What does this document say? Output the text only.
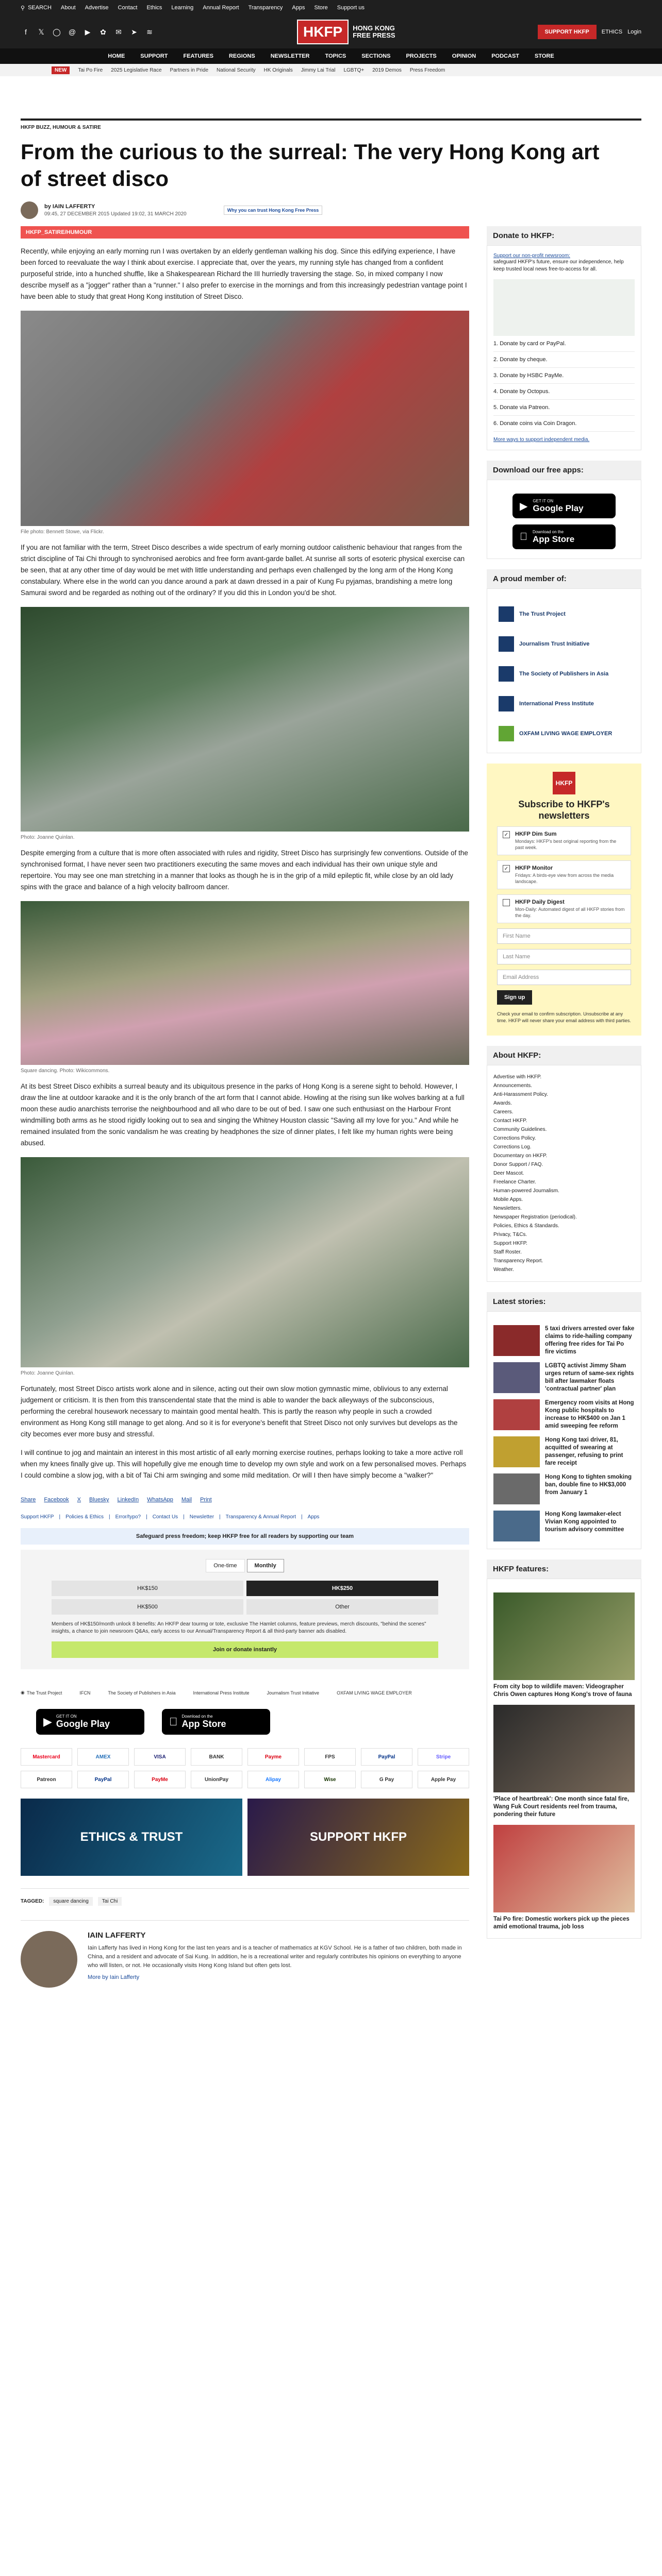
⚲ SEARCH About Advertise Contact Ethics Learning Annual Report Transparency Apps Store Support us
f	𝕏	◯ @	▶	✿ ✉ ➤ ≋	HKFP	HONG KONG
FREE PRESS	SUPPORT HKFP	ETHICS Login
HOME	SUPPORT	FEATURES	REGIONS	NEWSLETTER	TOPICS	SECTIONS	PROJECTS	OPINION	PODCAST	STORE
NEW	Tai Po Fire 2025 Legislative Race Partners in Pride National Security HK Originals Jimmy Lai Trial LGBTQ+ 2019 Demos Press Freedom
HKFP BUZZ, HUMOUR & SATIRE
From the curious to the surreal: The very Hong Kong art of street disco
by IAIN LAFFERTY
09:45, 27 DECEMBER 2015 Updated 19:02, 31 MARCH 2020
Why you can trust Hong Kong Free Press
HKFP_SATIRE/HUMOUR

Recently, while enjoying an early morning run I was overtaken by an elderly gentleman walking his dog. Since this edifying experience, I have been forced to reevaluate the way I think about exercise. I appreciate that, over the years, my running style has changed from a confident purposeful stride, into a hunched shuffle, like a Shakespearean Richard the III hurriedly traversing the stage. So, in mixed company I now describe myself as a "jogger" rather than a "runner." I also prefer to exercise in the mornings and from this increasingly pedestrian vantage point I have been able to study that great Hong Kong institution of Street Disco.

File photo: Bennett Stowe, via Flickr.

If you are not familiar with the term, Street Disco describes a wide spectrum of early morning outdoor calisthenic behaviour that ranges from the strict discipline of Tai Chi through to synchronised aerobics and free form avant-garde ballet. At sunrise all sorts of esoteric physical exercise can be seen, that at any other time of day would be met with little understanding and perhaps even challenged by the long arm of the Hong Kong constabulary. Where else in the world can you dance around a park at dawn dressed in a pair of Kung Fu pyjamas, brandishing a metre long Samurai sword and be regarded as nothing out of the ordinary? If you did this in London you'd be shot.

Photo: Joanne Quinlan.

Despite emerging from a culture that is more often associated with rules and rigidity, Street Disco has surprisingly few conventions. Outside of the synchronised format, I have never seen two practitioners executing the same moves and each individual has their own unique style and repertoire. You may see one man stretching in a manner that looks as though he is in the grip of a mild epileptic fit, while close by an old lady spins with the grace and balance of a high velocity ballroom dancer.

Square dancing. Photo: Wikicommons.

At its best Street Disco exhibits a surreal beauty and its ubiquitous presence in the parks of Hong Kong is a serene sight to behold. However, I draw the line at outdoor karaoke and it is the only branch of the art form that I cannot abide. Howling at the rising sun like wolves barking at a full moon these audio anarchists terrorise the neighbourhood and all who dare to be out of bed. I saw one such enthusiast on the Harbour Front windmilling both arms as he stood rigidly looking out to sea and singing the Whitney Houston classic "Saving all my love for you." And while he remained insulated from the sonic vandalism he was creating by headphones the size of dinner plates, I felt like my human rights were being abused.

Photo: Joanne Quinlan.

Fortunately, most Street Disco artists work alone and in silence, acting out their own slow motion gymnastic mime, oblivious to any external judgement or criticism. It is then from this transcendental state that the mind is able to wander the back alleyways of the subconscious, performing the cerebral housework necessary to maintain good mental health. This is partly the reason why people in such a crowded environment as Hong Kong still manage to get along. And so it is for everyone's benefit that Street Disco not only survives but develops as the city becomes ever more busy and stressful.

I will continue to jog and maintain an interest in this most artistic of all early morning exercise routines, perhaps looking to take a more active roll when my knees finally give up. This will hopefully give me enough time to develop my own style and work on a few personalised moves. Perhaps I could combine a slow jog, with a bit of Tai Chi arm swinging and some mild meditation. Or will I then have simply become a "walker?"

Share Facebook X Bluesky LinkedIn WhatsApp Mail Print
Support HKFP | Policies & Ethics | Error/typo? | Contact Us | Newsletter | Transparency & Annual Report | Apps
Safeguard press freedom; keep HKFP free for all readers by supporting our team
One-time	Monthly
HK$150	HK$250
HK$500	Other
Members of HK$150/month unlock 8 benefits: An HKFP dear tourmg or tote, exclusive The Hamlet columns, feature previews, merch discounts, "behind the scenes" insights, a chance to join newsroom Q&As, early access to our Annual/Transparency Report & all third-party banner ads disabled.
Join or donate instantly
◉ The Trust Project	IFCN	The Society of Publishers in Asia	International Press Institute	Journalism Trust Initiative	OXFAM LIVING WAGE EMPLOYER
▶ GET IT ON
Google Play
Download on the
App Store
Mastercard	AMEX	VISA	BANK	Payme	FPS	PayPal	Stripe
Patreon	PayPal	PayMe	UnionPay	Alipay	Wise	G Pay	Apple Pay
ETHICS & TRUST	SUPPORT HKFP
TAGGED:	square dancing	Tai Chi
IAIN LAFFERTY
Iain Lafferty has lived in Hong Kong for the last ten years and is a teacher of mathematics at KGV School. He is a father of two children, both made in China, and a resident and advocate of Sai Kung. In addition, he is a recreational writer and regularly contributes his opinions on everything to anyone who will listen, or not. He occasionally visits Hong Kong Island but often gets lost.
More by Iain Lafferty
Donate to HKFP:
Support our non-profit newsroom:
safeguard HKFP's future, ensure our independence, help keep trusted local news free-to-access for all.
1. Donate by card or PayPal.
2. Donate by cheque.
3. Donate by HSBC PayMe.
4. Donate by Octopus.
5. Donate via Patreon.
6. Donate coins via Coin Dragon.
More ways to support independent media.
Download our free apps:
▶ GET IT ON
Google Play
Download on the
App Store
A proud member of:
The Trust Project
Journalism Trust Initiative
The Society of Publishers in Asia
International Press Institute
OXFAM LIVING WAGE EMPLOYER
HKFP
Subscribe to HKFP's newsletters
✓ HKFP Dim Sum
Mondays: HKFP's best original reporting from the past week.
✓ HKFP Monitor
Fridays: A birds-eye view from across the media landscape.
HKFP Daily Digest
Mon-Daily: Automated digest of all HKFP stories from the day.
First Name
Last Name
Email Address
Sign up
Check your email to confirm subscription. Unsubscribe at any time. HKFP will never share your email address with third parties.
About HKFP:
Advertise with HKFP.
Announcements.
Anti-Harassment Policy.
Awards.
Careers.
Contact HKFP.
Community Guidelines.
Corrections Policy.
Corrections Log.
Documentary on HKFP.
Donor Support / FAQ.
Deer Mascot.
Freelance Charter.
Human-powered Journalism.
Mobile Apps.
Newsletters.
Newspaper Registration (periodical).
Policies, Ethics & Standards.
Privacy, T&Cs.
Support HKFP.
Staff Roster.
Transparency Report.
Weather.
Latest stories:
5 taxi drivers arrested over fake claims to ride-hailing company offering free rides for Tai Po fire victims
LGBTQ activist Jimmy Sham urges return of same-sex rights bill after lawmaker floats 'contractual partner' plan
Emergency room visits at Hong Kong public hospitals to increase to HK$400 on Jan 1 amid sweeping fee reform
Hong Kong taxi driver, 81, acquitted of swearing at passenger, refusing to print fare receipt
Hong Kong to tighten smoking ban, double fine to HK$3,000 from January 1
Hong Kong lawmaker-elect Vivian Kong appointed to tourism advisory committee
HKFP features:
From city bop to wildlife maven: Videographer Chris Owen captures Hong Kong's trove of fauna
'Place of heartbreak': One month since fatal fire, Wang Fuk Court residents reel from trauma, pondering their future
Tai Po fire: Domestic workers pick up the pieces amid emotional trauma, job loss
